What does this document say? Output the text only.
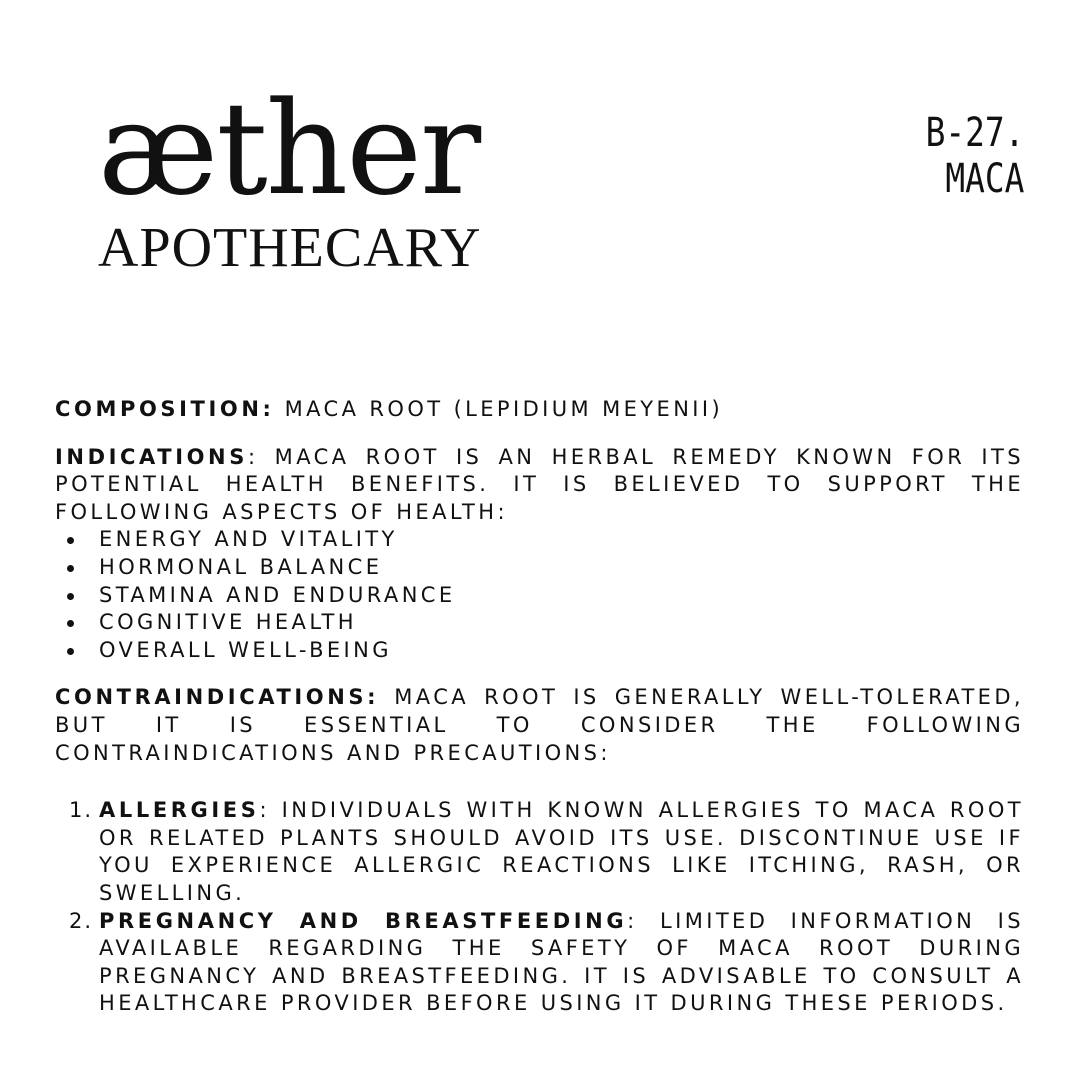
æther
APOTHECARY
B-27.
MACA

COMPOSITION: MACA ROOT (LEPIDIUM MEYENII)

INDICATIONS: MACA ROOT IS AN HERBAL REMEDY KNOWN FOR ITS POTENTIAL HEALTH BENEFITS. IT IS BELIEVED TO SUPPORT THE FOLLOWING ASPECTS OF HEALTH:
ENERGY AND VITALITY
HORMONAL BALANCE
STAMINA AND ENDURANCE
COGNITIVE HEALTH
OVERALL WELL-BEING
CONTRAINDICATIONS: MACA ROOT IS GENERALLY WELL-TOLERATED, BUT IT IS ESSENTIAL TO CONSIDER THE FOLLOWING CONTRAINDICATIONS AND PRECAUTIONS:
1. ALLERGIES: INDIVIDUALS WITH KNOWN ALLERGIES TO MACA ROOT OR RELATED PLANTS SHOULD AVOID ITS USE. DISCONTINUE USE IF YOU EXPERIENCE ALLERGIC REACTIONS LIKE ITCHING, RASH, OR SWELLING.
2. PREGNANCY AND BREASTFEEDING: LIMITED INFORMATION IS AVAILABLE REGARDING THE SAFETY OF MACA ROOT DURING PREGNANCY AND BREASTFEEDING. IT IS ADVISABLE TO CONSULT A HEALTHCARE PROVIDER BEFORE USING IT DURING THESE PERIODS.
